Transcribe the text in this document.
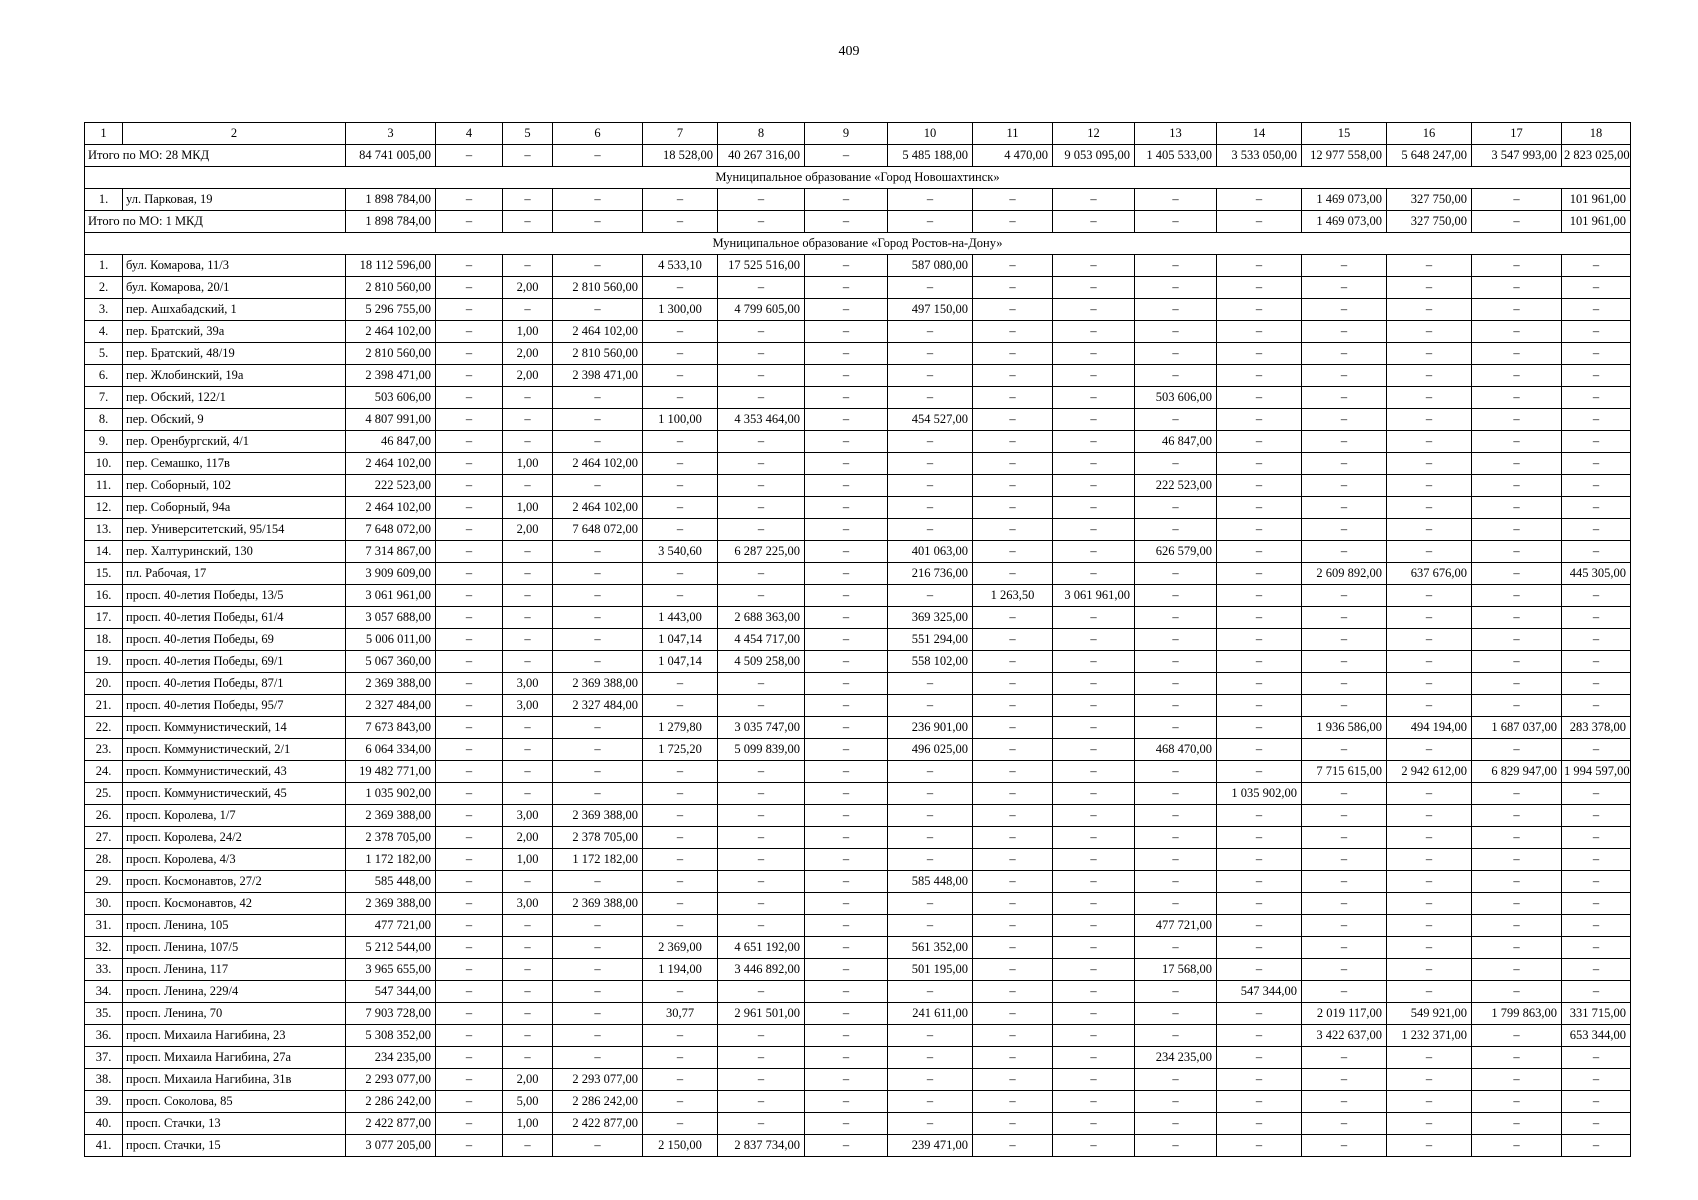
409
1	2	3	4	5	6	7	8	9	10	11	12	13	14	15	16	17	18
Итого по МО: 28 МКД		84 741 005,00	–	–	–	18 528,00	40 267 316,00	–	5 485 188,00	4 470,00	9 053 095,00	1 405 533,00	3 533 050,00	12 977 558,00	5 648 247,00	3 547 993,00	2 823 025,00
Муниципальное образование «Город Новошахтинск»																	
1.	ул. Парковая, 19	1 898 784,00	–	–	–	–	–	–	–	–	–	–	–	1 469 073,00	327 750,00	–	101 961,00
Итого по МО: 1 МКД		1 898 784,00	–	–	–	–	–	–	–	–	–	–	–	1 469 073,00	327 750,00	–	101 961,00
Муниципальное образование «Город Ростов-на-Дону»																	
1.	бул. Комарова, 11/3	18 112 596,00	–	–	–	4 533,10	17 525 516,00	–	587 080,00	–	–	–	–	–	–	–	–
2.	бул. Комарова, 20/1	2 810 560,00	–	2,00	2 810 560,00	–	–	–	–	–	–	–	–	–	–	–	–
3.	пер. Ашхабадский, 1	5 296 755,00	–	–	–	1 300,00	4 799 605,00	–	497 150,00	–	–	–	–	–	–	–	–
4.	пер. Братский, 39а	2 464 102,00	–	1,00	2 464 102,00	–	–	–	–	–	–	–	–	–	–	–	–
5.	пер. Братский, 48/19	2 810 560,00	–	2,00	2 810 560,00	–	–	–	–	–	–	–	–	–	–	–	–
6.	пер. Жлобинский, 19а	2 398 471,00	–	2,00	2 398 471,00	–	–	–	–	–	–	–	–	–	–	–	–
7.	пер. Обский, 122/1	503 606,00	–	–	–	–	–	–	–	–	–	503 606,00	–	–	–	–	–
8.	пер. Обский, 9	4 807 991,00	–	–	–	1 100,00	4 353 464,00	–	454 527,00	–	–	–	–	–	–	–	–
9.	пер. Оренбургский, 4/1	46 847,00	–	–	–	–	–	–	–	–	–	46 847,00	–	–	–	–	–
10.	пер. Семашко, 117в	2 464 102,00	–	1,00	2 464 102,00	–	–	–	–	–	–	–	–	–	–	–	–
11.	пер. Соборный, 102	222 523,00	–	–	–	–	–	–	–	–	–	222 523,00	–	–	–	–	–
12.	пер. Соборный, 94а	2 464 102,00	–	1,00	2 464 102,00	–	–	–	–	–	–	–	–	–	–	–	–
13.	пер. Университетский, 95/154	7 648 072,00	–	2,00	7 648 072,00	–	–	–	–	–	–	–	–	–	–	–	–
14.	пер. Халтуринский, 130	7 314 867,00	–	–	–	3 540,60	6 287 225,00	–	401 063,00	–	–	626 579,00	–	–	–	–	–
15.	пл. Рабочая, 17	3 909 609,00	–	–	–	–	–	–	216 736,00	–	–	–	–	2 609 892,00	637 676,00	–	445 305,00
16.	просп. 40-летия Победы, 13/5	3 061 961,00	–	–	–	–	–	–	–	1 263,50	3 061 961,00	–	–	–	–	–	–
17.	просп. 40-летия Победы, 61/4	3 057 688,00	–	–	–	1 443,00	2 688 363,00	–	369 325,00	–	–	–	–	–	–	–	–
18.	просп. 40-летия Победы, 69	5 006 011,00	–	–	–	1 047,14	4 454 717,00	–	551 294,00	–	–	–	–	–	–	–	–
19.	просп. 40-летия Победы, 69/1	5 067 360,00	–	–	–	1 047,14	4 509 258,00	–	558 102,00	–	–	–	–	–	–	–	–
20.	просп. 40-летия Победы, 87/1	2 369 388,00	–	3,00	2 369 388,00	–	–	–	–	–	–	–	–	–	–	–	–
21.	просп. 40-летия Победы, 95/7	2 327 484,00	–	3,00	2 327 484,00	–	–	–	–	–	–	–	–	–	–	–	–
22.	просп. Коммунистический, 14	7 673 843,00	–	–	–	1 279,80	3 035 747,00	–	236 901,00	–	–	–	–	1 936 586,00	494 194,00	1 687 037,00	283 378,00
23.	просп. Коммунистический, 2/1	6 064 334,00	–	–	–	1 725,20	5 099 839,00	–	496 025,00	–	–	468 470,00	–	–	–	–	–
24.	просп. Коммунистический, 43	19 482 771,00	–	–	–	–	–	–	–	–	–	–	–	7 715 615,00	2 942 612,00	6 829 947,00	1 994 597,00
25.	просп. Коммунистический, 45	1 035 902,00	–	–	–	–	–	–	–	–	–	–	1 035 902,00	–	–	–	–
26.	просп. Королева, 1/7	2 369 388,00	–	3,00	2 369 388,00	–	–	–	–	–	–	–	–	–	–	–	–
27.	просп. Королева, 24/2	2 378 705,00	–	2,00	2 378 705,00	–	–	–	–	–	–	–	–	–	–	–	–
28.	просп. Королева, 4/3	1 172 182,00	–	1,00	1 172 182,00	–	–	–	–	–	–	–	–	–	–	–	–
29.	просп. Космонавтов, 27/2	585 448,00	–	–	–	–	–	–	585 448,00	–	–	–	–	–	–	–	–
30.	просп. Космонавтов, 42	2 369 388,00	–	3,00	2 369 388,00	–	–	–	–	–	–	–	–	–	–	–	–
31.	просп. Ленина, 105	477 721,00	–	–	–	–	–	–	–	–	–	477 721,00	–	–	–	–	–
32.	просп. Ленина, 107/5	5 212 544,00	–	–	–	2 369,00	4 651 192,00	–	561 352,00	–	–	–	–	–	–	–	–
33.	просп. Ленина, 117	3 965 655,00	–	–	–	1 194,00	3 446 892,00	–	501 195,00	–	–	17 568,00	–	–	–	–	–
34.	просп. Ленина, 229/4	547 344,00	–	–	–	–	–	–	–	–	–	–	547 344,00	–	–	–	–
35.	просп. Ленина, 70	7 903 728,00	–	–	–	30,77	2 961 501,00	–	241 611,00	–	–	–	–	2 019 117,00	549 921,00	1 799 863,00	331 715,00
36.	просп. Михаила Нагибина, 23	5 308 352,00	–	–	–	–	–	–	–	–	–	–	–	3 422 637,00	1 232 371,00	–	653 344,00
37.	просп. Михаила Нагибина, 27а	234 235,00	–	–	–	–	–	–	–	–	–	234 235,00	–	–	–	–	–
38.	просп. Михаила Нагибина, 31в	2 293 077,00	–	2,00	2 293 077,00	–	–	–	–	–	–	–	–	–	–	–	–
39.	просп. Соколова, 85	2 286 242,00	–	5,00	2 286 242,00	–	–	–	–	–	–	–	–	–	–	–	–
40.	просп. Стачки, 13	2 422 877,00	–	1,00	2 422 877,00	–	–	–	–	–	–	–	–	–	–	–	–
41.	просп. Стачки, 15	3 077 205,00	–	–	–	2 150,00	2 837 734,00	–	239 471,00	–	–	–	–	–	–	–	–
